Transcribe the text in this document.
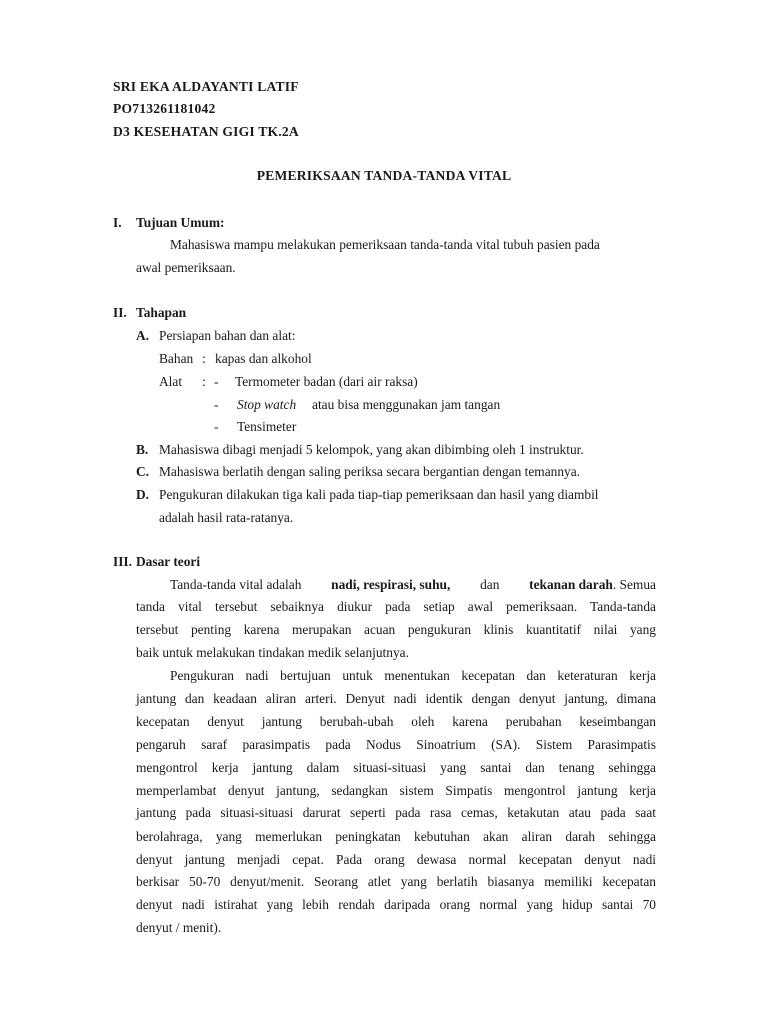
SRI EKA ALDAYANTI LATIF
PO713261181042
D3 KESEHATAN GIGI TK.2A
PEMERIKSAAN TANDA-TANDA VITAL
I. Tujuan Umum:
Mahasiswa mampu melakukan pemeriksaan tanda-tanda vital tubuh pasien pada
awal pemeriksaan.
II. Tahapan
A. Persiapan bahan dan alat:
Bahan : kapas dan alkohol
Alat : - Termometer badan (dari air raksa)
- Stop watch atau bisa menggunakan jam tangan
- Tensimeter
B. Mahasiswa dibagi menjadi 5 kelompok, yang akan dibimbing oleh 1 instruktur.
C. Mahasiswa berlatih dengan saling periksa secara bergantian dengan temannya.
D. Pengukuran dilakukan tiga kali pada tiap-tiap pemeriksaan dan hasil yang diambil
adalah hasil rata-ratanya.
III. Dasar teori
Tanda-tanda vital adalah nadi, respirasi, suhu, dan tekanan darah. Semua
tanda vital tersebut sebaiknya diukur pada setiap awal pemeriksaan. Tanda-tanda
tersebut penting karena merupakan acuan pengukuran klinis kuantitatif nilai yang
baik untuk melakukan tindakan medik selanjutnya.
Pengukuran nadi bertujuan untuk menentukan kecepatan dan keteraturan kerja
jantung dan keadaan aliran arteri. Denyut nadi identik dengan denyut jantung, dimana
kecepatan denyut jantung berubah-ubah oleh karena perubahan keseimbangan
pengaruh saraf parasimpatis pada Nodus Sinoatrium (SA). Sistem Parasimpatis
mengontrol kerja jantung dalam situasi-situasi yang santai dan tenang sehingga
memperlambat denyut jantung, sedangkan sistem Simpatis mengontrol jantung kerja
jantung pada situasi-situasi darurat seperti pada rasa cemas, ketakutan atau pada saat
berolahraga, yang memerlukan peningkatan kebutuhan akan aliran darah sehingga
denyut jantung menjadi cepat. Pada orang dewasa normal kecepatan denyut nadi
berkisar 50-70 denyut/menit. Seorang atlet yang berlatih biasanya memiliki kecepatan
denyut nadi istirahat yang lebih rendah daripada orang normal yang hidup santai 70
denyut / menit).
